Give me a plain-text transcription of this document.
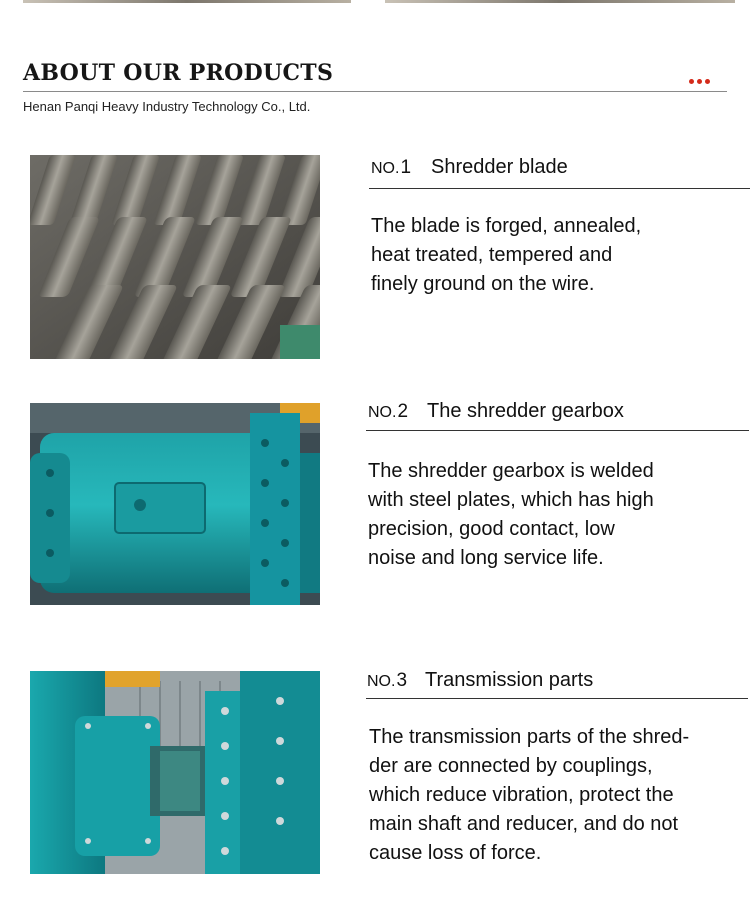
ABOUT OUR PRODUCTS
Henan Panqi Heavy Industry Technology Co., Ltd.
NO.1 Shredder blade

The blade is forged, annealed,
heat treated, tempered and
finely ground on the wire.

NO.2 The shredder gearbox

The shredder gearbox is welded
with steel plates, which has high
precision, good contact, low
noise and long service life.

NO.3 Transmission parts

The transmission parts of the shred-
der are connected by couplings,
which reduce vibration, protect the
main shaft and reducer, and do not
cause loss of force.
